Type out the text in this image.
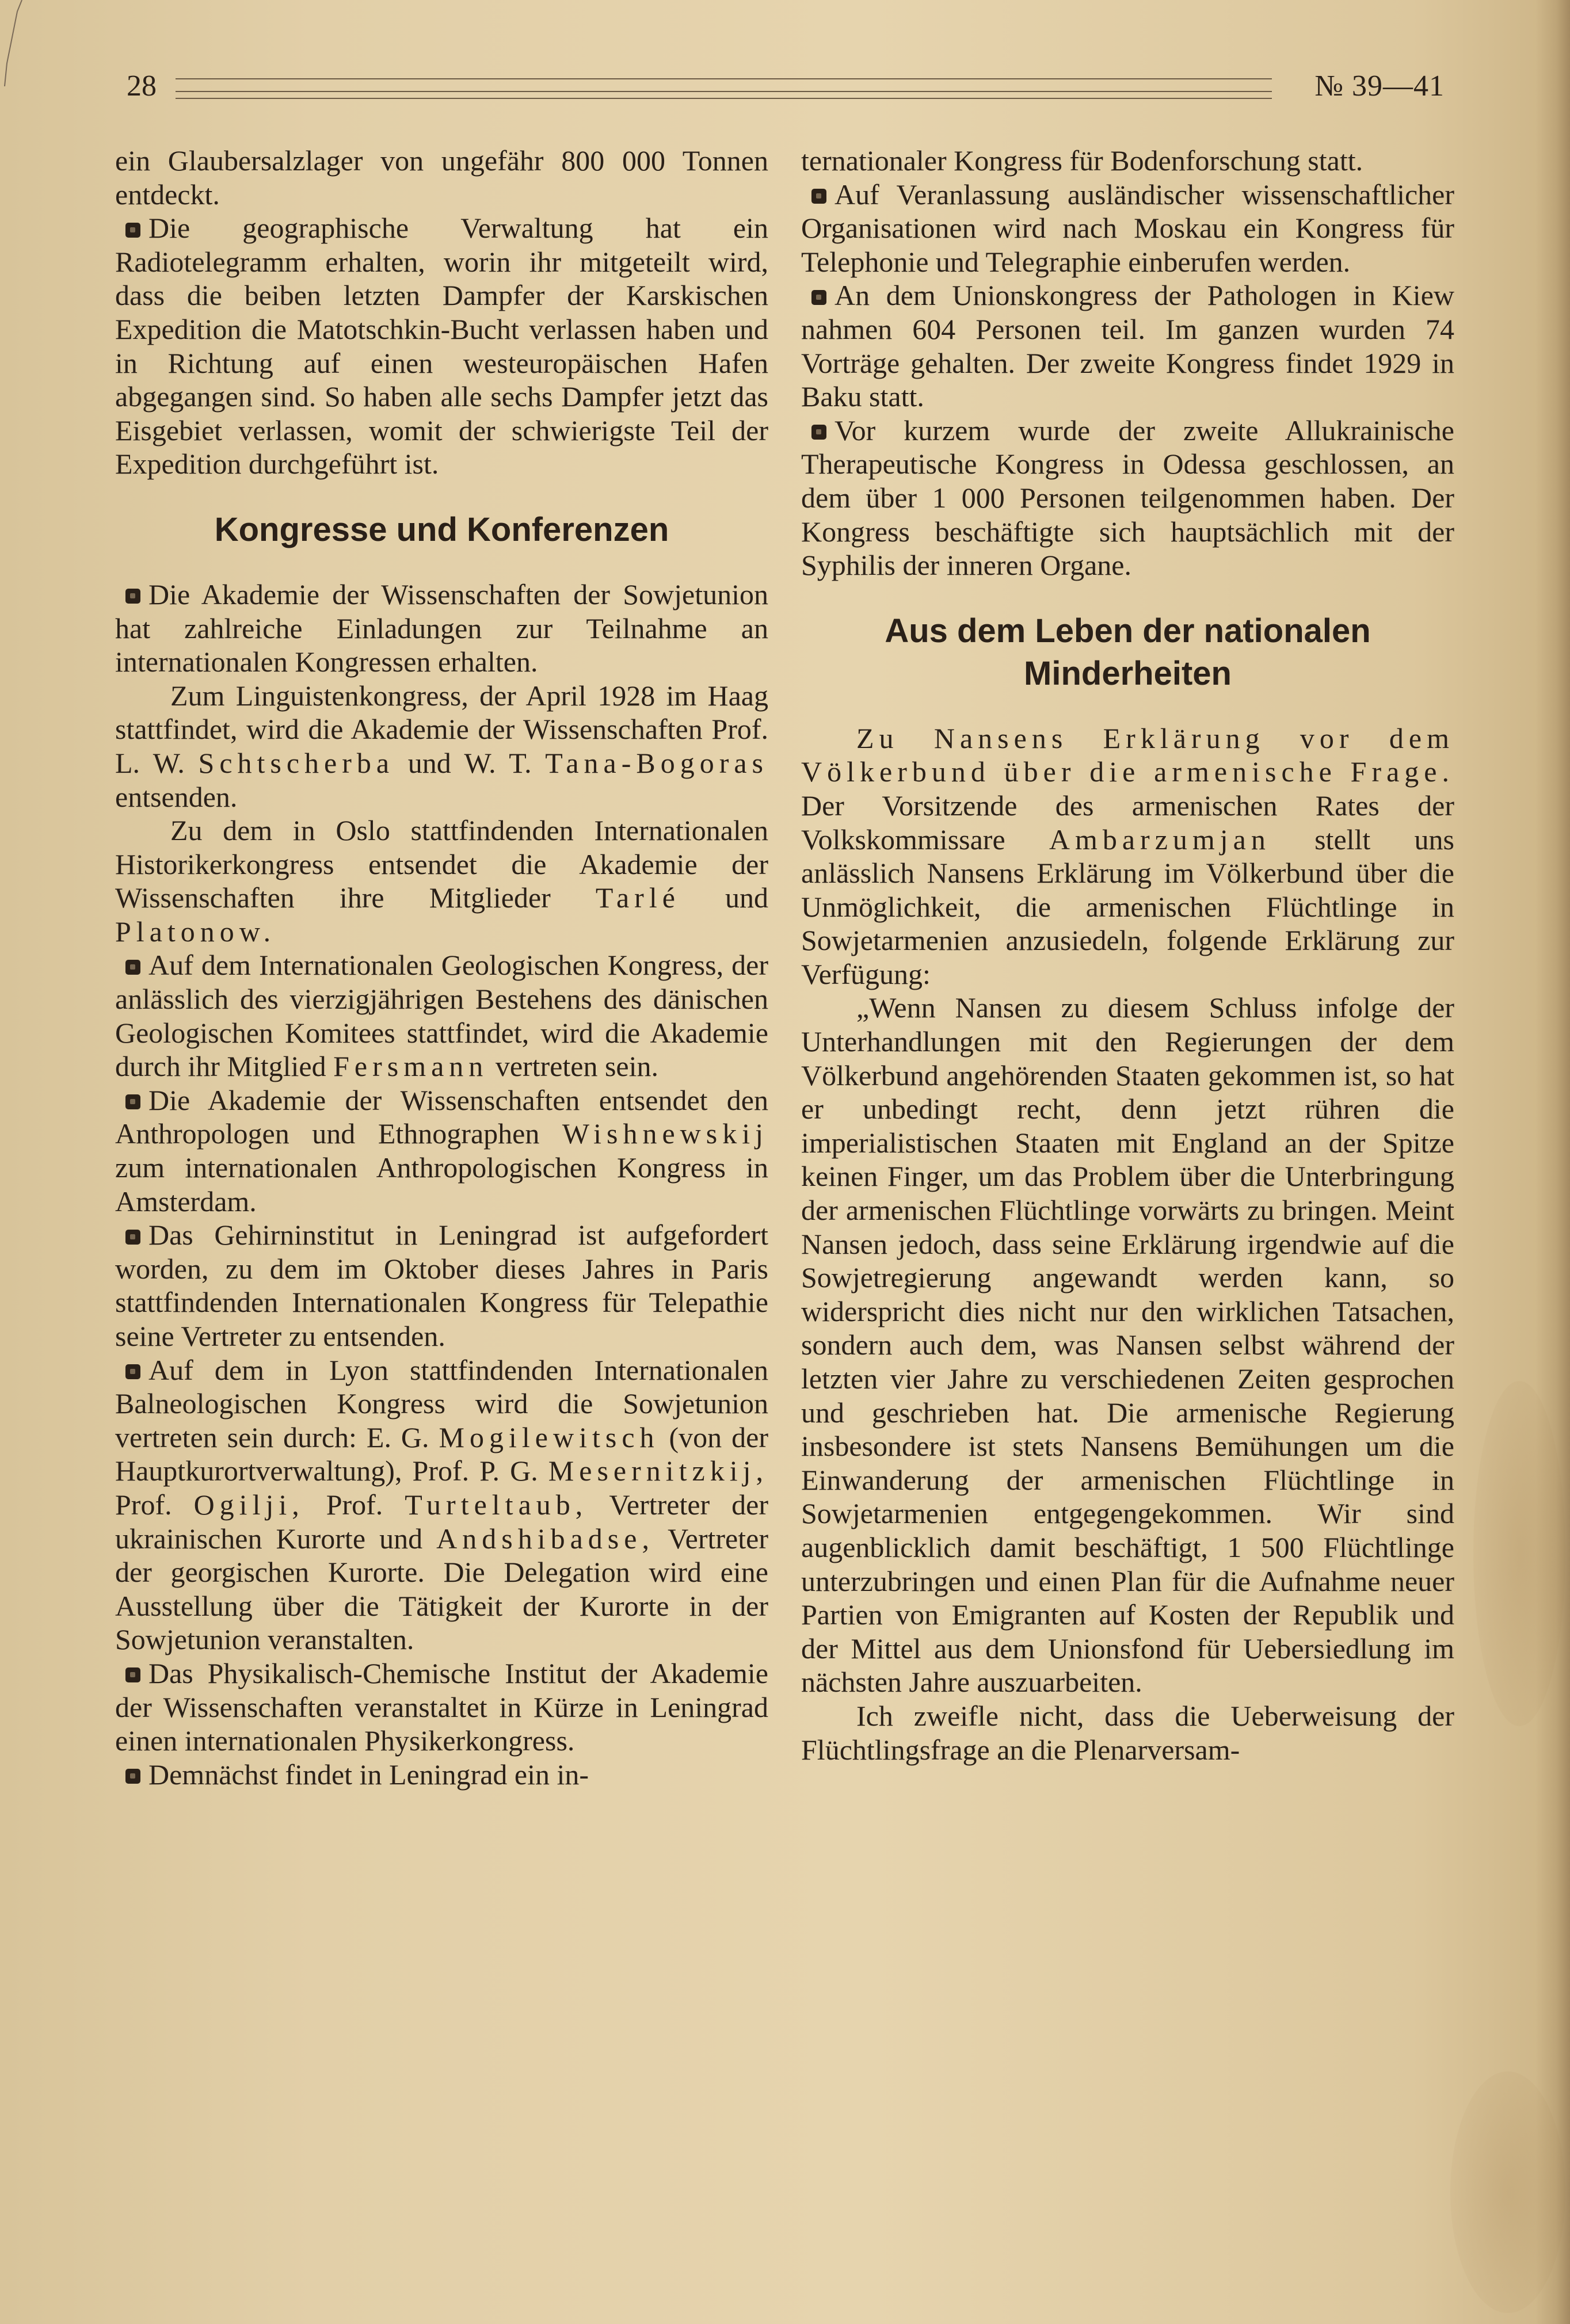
28	№ 39—41

ein Glaubersalzlager von ungefähr 800 000 Tonnen entdeckt.

Die geographische Verwaltung hat ein Radiotelegramm erhalten, worin ihr mitgeteilt wird, dass die beiben letzten Dampfer der Karskischen Expedition die Matotschkin-Bucht verlassen haben und in Richtung auf einen westeuropäischen Hafen abgegangen sind. So haben alle sechs Dampfer jetzt das Eisgebiet verlassen, womit der schwierigste Teil der Expedition durchgeführt ist.

Kongresse und Konferenzen

Die Akademie der Wissenschaften der Sowjetunion hat zahlreiche Einladungen zur Teilnahme an internationalen Kongressen erhalten.

Zum Linguistenkongress, der April 1928 im Haag stattfindet, wird die Akademie der Wissenschaften Prof. L. W. Schtscherba und W. T. Tana-Bogoras entsenden.

Zu dem in Oslo stattfindenden Internationalen Historikerkongress entsendet die Akademie der Wissenschaften ihre Mitglieder Tarlé und Platonow.

Auf dem Internationalen Geologischen Kongress, der anlässlich des vierzigjährigen Bestehens des dänischen Geologischen Komitees stattfindet, wird die Akademie durch ihr Mitglied Fersmann vertreten sein.

Die Akademie der Wissenschaften entsendet den Anthropologen und Ethnographen Wishnewskij zum internationalen Anthropologischen Kongress in Amsterdam.

Das Gehirninstitut in Leningrad ist aufgefordert worden, zu dem im Oktober dieses Jahres in Paris stattfindenden Internationalen Kongress für Telepathie seine Vertreter zu entsenden.

Auf dem in Lyon stattfindenden Internationalen Balneologischen Kongress wird die Sowjetunion vertreten sein durch: E. G. Mogilewitsch (von der Hauptkurortverwaltung), Prof. P. G. Mesernitzkij, Prof. Ogilji, Prof. Turteltaub, Vertreter der ukrainischen Kurorte und Andshibadse, Vertreter der georgischen Kurorte. Die Delegation wird eine Ausstellung über die Tätigkeit der Kurorte in der Sowjetunion veranstalten.

Das Physikalisch-Chemische Institut der Akademie der Wissenschaften veranstaltet in Kürze in Leningrad einen internationalen Physikerkongress.

Demnächst findet in Leningrad ein in-

ternationaler Kongress für Bodenforschung statt.

Auf Veranlassung ausländischer wissenschaftlicher Organisationen wird nach Moskau ein Kongress für Telephonie und Telegraphie einberufen werden.

An dem Unionskongress der Pathologen in Kiew nahmen 604 Personen teil. Im ganzen wurden 74 Vorträge gehalten. Der zweite Kongress findet 1929 in Baku statt.

Vor kurzem wurde der zweite Allukrainische Therapeutische Kongress in Odessa geschlossen, an dem über 1 000 Personen teilgenommen haben. Der Kongress beschäftigte sich hauptsächlich mit der Syphilis der inneren Organe.

Aus dem Leben der nationalen Minderheiten

Zu Nansens Erklärung vor dem Völkerbund über die armenische Frage. Der Vorsitzende des armenischen Rates der Volkskommissare Ambarzumjan stellt uns anlässlich Nansens Erklärung im Völkerbund über die Unmöglichkeit, die armenischen Flüchtlinge in Sowjetarmenien anzusiedeln, folgende Erklärung zur Verfügung:

„Wenn Nansen zu diesem Schluss infolge der Unterhandlungen mit den Regierungen der dem Völkerbund angehörenden Staaten gekommen ist, so hat er unbedingt recht, denn jetzt rühren die imperialistischen Staaten mit England an der Spitze keinen Finger, um das Problem über die Unterbringung der armenischen Flüchtlinge vorwärts zu bringen. Meint Nansen jedoch, dass seine Erklärung irgendwie auf die Sowjetregierung angewandt werden kann, so widerspricht dies nicht nur den wirklichen Tatsachen, sondern auch dem, was Nansen selbst während der letzten vier Jahre zu verschiedenen Zeiten gesprochen und geschrieben hat. Die armenische Regierung insbesondere ist stets Nansens Bemühungen um die Einwanderung der armenischen Flüchtlinge in Sowjetarmenien entgegengekommen. Wir sind augenblicklich damit beschäftigt, 1 500 Flüchtlinge unterzubringen und einen Plan für die Aufnahme neuer Partien von Emigranten auf Kosten der Republik und der Mittel aus dem Unionsfond für Uebersiedlung im nächsten Jahre auszuarbeiten.

Ich zweifle nicht, dass die Ueberweisung der Flüchtlingsfrage an die Plenarversam-
